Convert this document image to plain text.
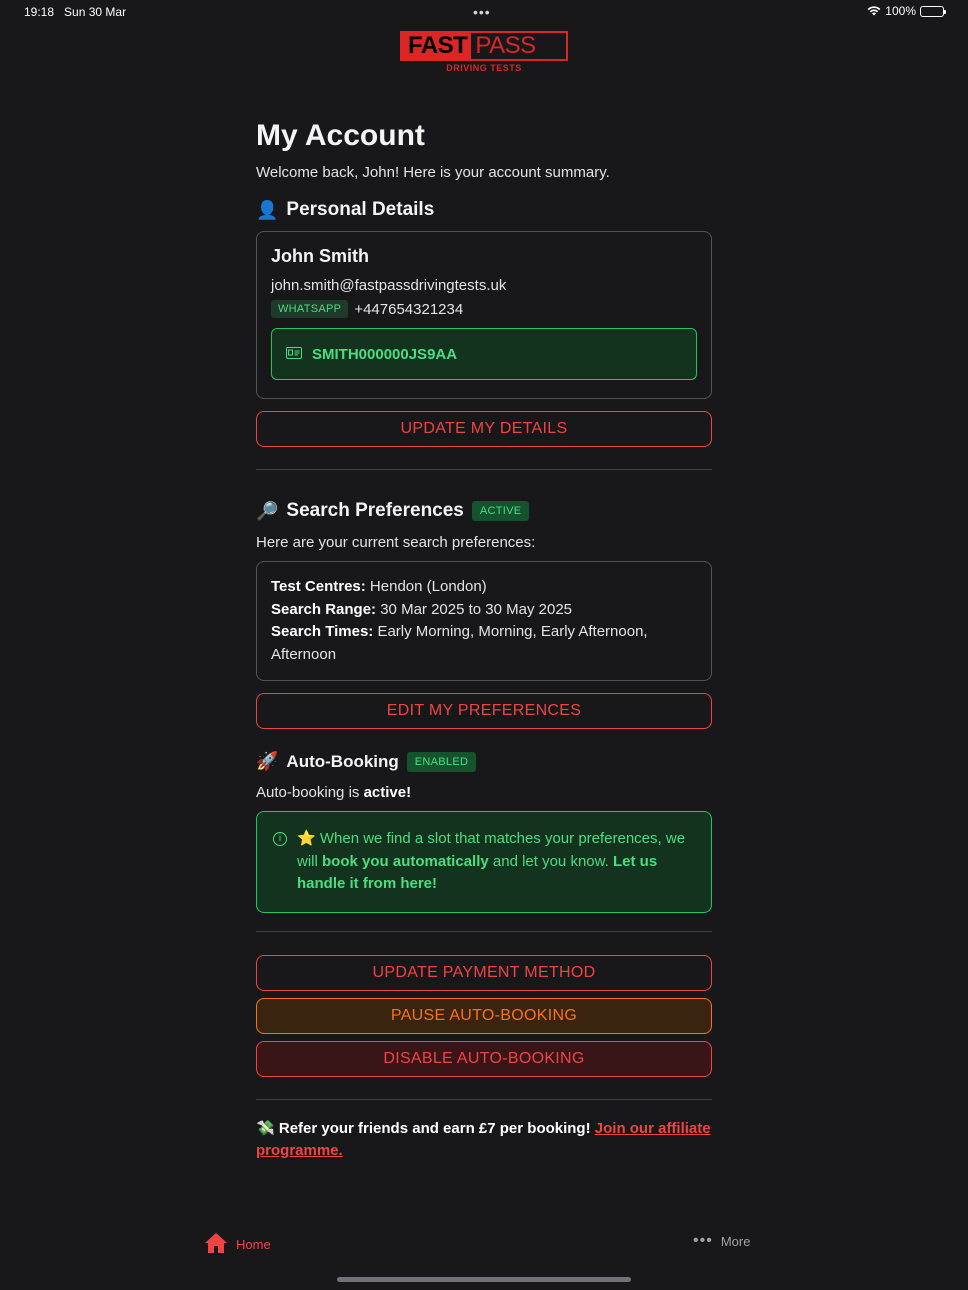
19:18 Sun 30 Mar	•••	100%
FAST PASS
DRIVING TESTS
My Account

Welcome back, John! Here is your account summary.

👤 Personal Details
John Smith
john.smith@fastpassdrivingtests.uk
WHATSAPP +447654321234
SMITH000000JS9AA
UPDATE MY DETAILS
🔎 Search Preferences	ACTIVE

Here are your current search preferences:

Test Centres: Hendon (London)
Search Range: 30 Mar 2025 to 30 May 2025
Search Times: Early Morning, Morning, Early Afternoon, Afternoon
EDIT MY PREFERENCES
🚀 Auto-Booking	ENABLED

Auto-booking is active!

i	⭐ When we find a slot that matches your preferences, we will book you automatically and let you know. Let us handle it from here!
UPDATE PAYMENT METHOD
PAUSE AUTO-BOOKING
DISABLE AUTO-BOOKING

💸 Refer your friends and earn £7 per booking! Join our affiliate programme.

Home	••• More
